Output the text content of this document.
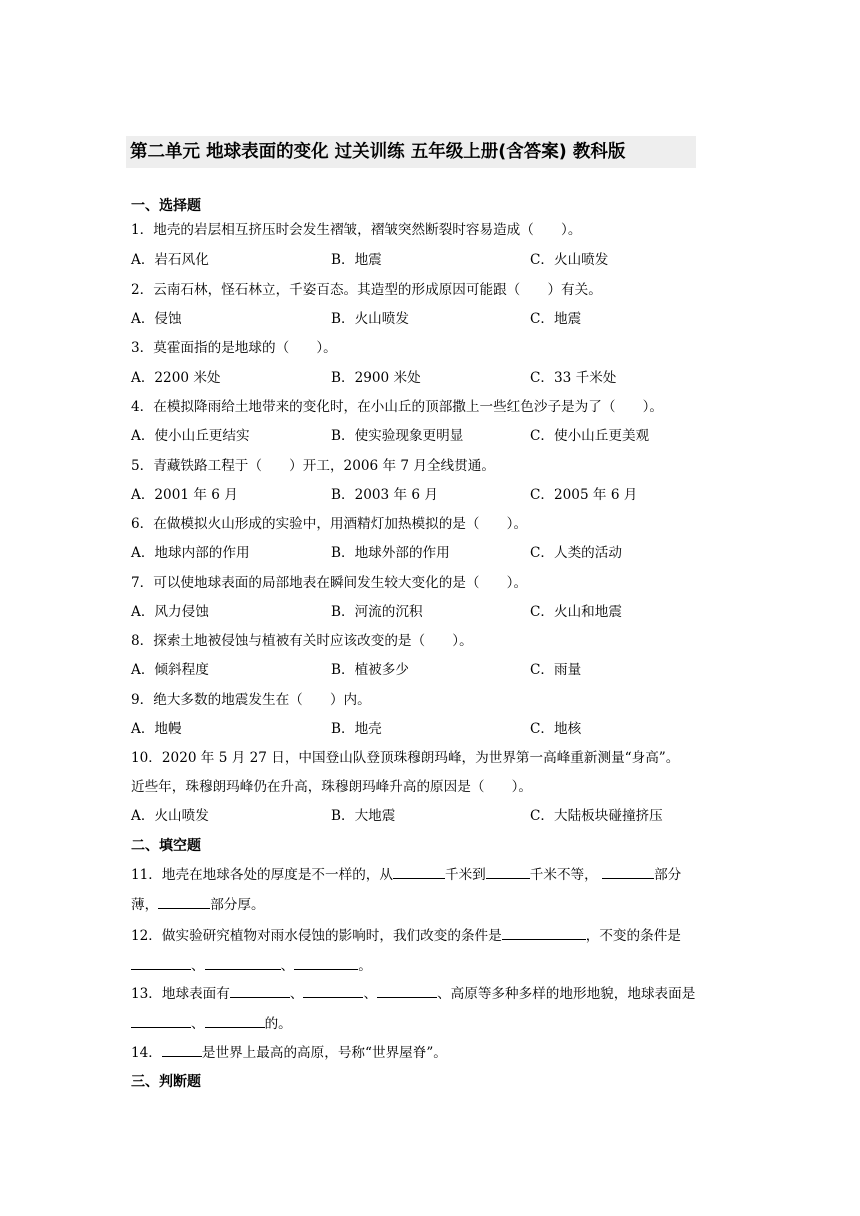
第二单元 地球表面的变化 过关训练 五年级上册(含答案) 教科版
一、选择题
1．地壳的岩层相互挤压时会发生褶皱，褶皱突然断裂时容易造成（　　）。
A．岩石风化	B．地震	C．火山喷发
2．云南石林，怪石林立，千姿百态。其造型的形成原因可能跟（　　）有关。
A．侵蚀	B．火山喷发	C．地震
3．莫霍面指的是地球的（　　）。
A．2200 米处	B．2900 米处	C．33 千米处
4．在模拟降雨给土地带来的变化时，在小山丘的顶部撒上一些红色沙子是为了（　　）。
A．使小山丘更结实	B．使实验现象更明显	C．使小山丘更美观
5．青藏铁路工程于（　　）开工，2006 年 7 月全线贯通。
A．2001 年 6 月	B．2003 年 6 月	C．2005 年 6 月
6．在做模拟火山形成的实验中，用酒精灯加热模拟的是（　　）。
A．地球内部的作用	B．地球外部的作用	C．人类的活动
7．可以使地球表面的局部地表在瞬间发生较大变化的是（　　）。
A．风力侵蚀	B．河流的沉积	C．火山和地震
8．探索土地被侵蚀与植被有关时应该改变的是（　　）。
A．倾斜程度	B．植被多少	C．雨量
9．绝大多数的地震发生在（　　）内。
A．地幔	B．地壳	C．地核
10．2020 年 5 月 27 日，中国登山队登顶珠穆朗玛峰，为世界第一高峰重新测量“身高”。
近些年，珠穆朗玛峰仍在升高，珠穆朗玛峰升高的原因是（　　）。
A．火山喷发	B．大地震	C．大陆板块碰撞挤压
二、填空题
11．地壳在地球各处的厚度是不一样的，从	千米到	千米不等，	部分
薄，	部分厚。
12．做实验研究植物对雨水侵蚀的影响时，我们改变的条件是	，不变的条件是
、	、	。
13．地球表面有	、	、	、高原等多种多样的地形地貌，地球表面是
、	的。
14．	是世界上最高的高原，号称“世界屋脊”。
三、判断题
